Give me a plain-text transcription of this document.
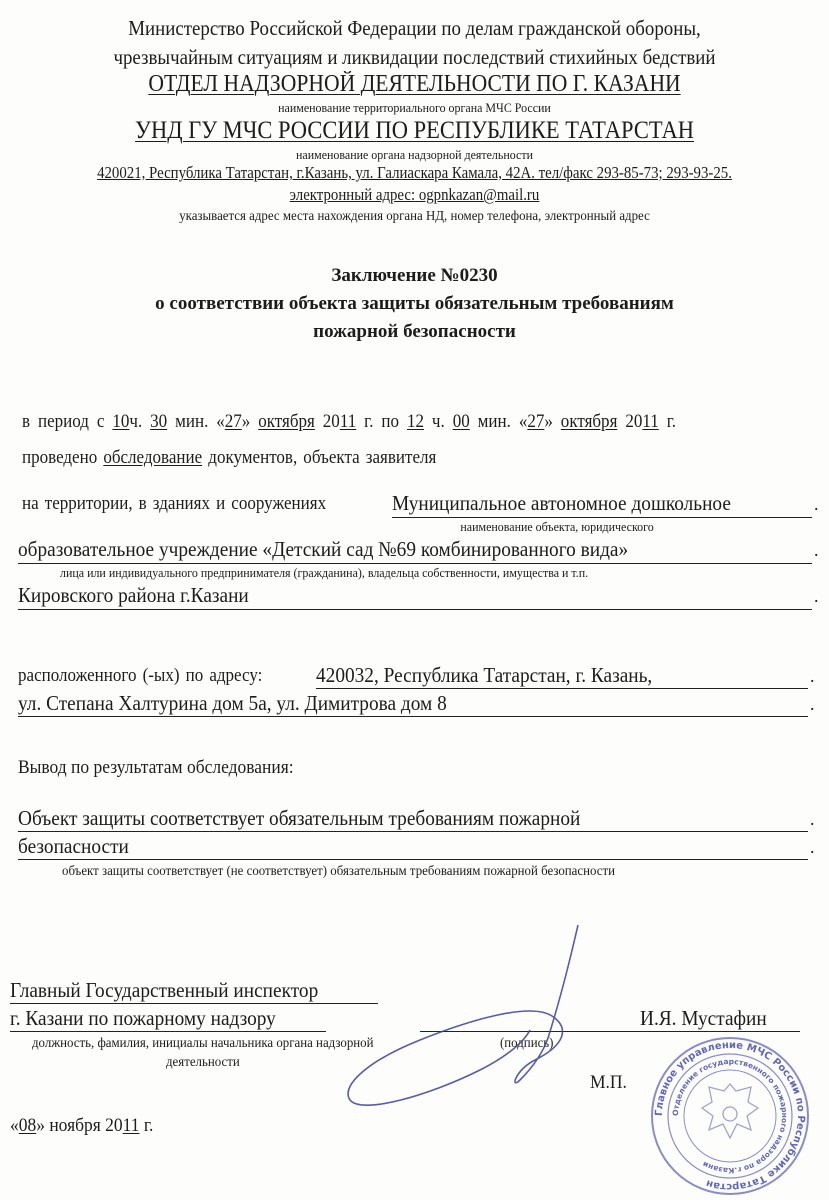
Министерство Российской Федерации по делам гражданской обороны,
чрезвычайным ситуациям и ликвидации последствий стихийных бедствий
ОТДЕЛ НАДЗОРНОЙ ДЕЯТЕЛЬНОСТИ ПО Г. КАЗАНИ
наименование территориального органа МЧС России
УНД ГУ МЧС РОССИИ ПО РЕСПУБЛИКЕ ТАТАРСТАН
наименование органа надзорной деятельности
420021, Республика Татарстан, г.Казань, ул. Галиаскара Камала, 42А. тел/факс 293-85-73; 293-93-25.
электронный адрес: ogpnkazan@mail.ru
указывается адрес места нахождения органа НД, номер телефона, электронный адрес
Заключение №0230
о соответствии объекта защиты обязательным требованиям
пожарной безопасности
в период с 10ч. 30 мин. «27» октября 2011 г. по 12 ч. 00 мин. «27» октября 2011 г.
проведено обследование документов, объекта заявителя
на территории, в зданиях и сооружениях	Муниципальное автономное дошкольное	.
наименование объекта, юридического
образовательное учреждение «Детский сад №69 комбинированного вида»	.
лица или индивидуального предпринимателя (гражданина), владельца собственности, имущества и т.п.
Кировского района г.Казани	.
расположенного (-ых) по адресу:	420032, Республика Татарстан, г. Казань,	.
ул. Степана Халтурина дом 5а, ул. Димитрова дом 8	.
Вывод по результатам обследования:
Объект защиты соответствует обязательным требованиям пожарной	.
безопасности	.
объект защиты соответствует (не соответствует) обязательным требованиям пожарной безопасности
Главное управление МЧС России по Республике Татарстан
Отделение государственного пожарного надзора по г.Казани
Главный Государственный инспектор
г. Казани по пожарному надзору	И.Я. Мустафин
должность, фамилия, инициалы начальника органа надзорной
деятельности
(подпись)
М.П.
«08» ноября 2011 г.
